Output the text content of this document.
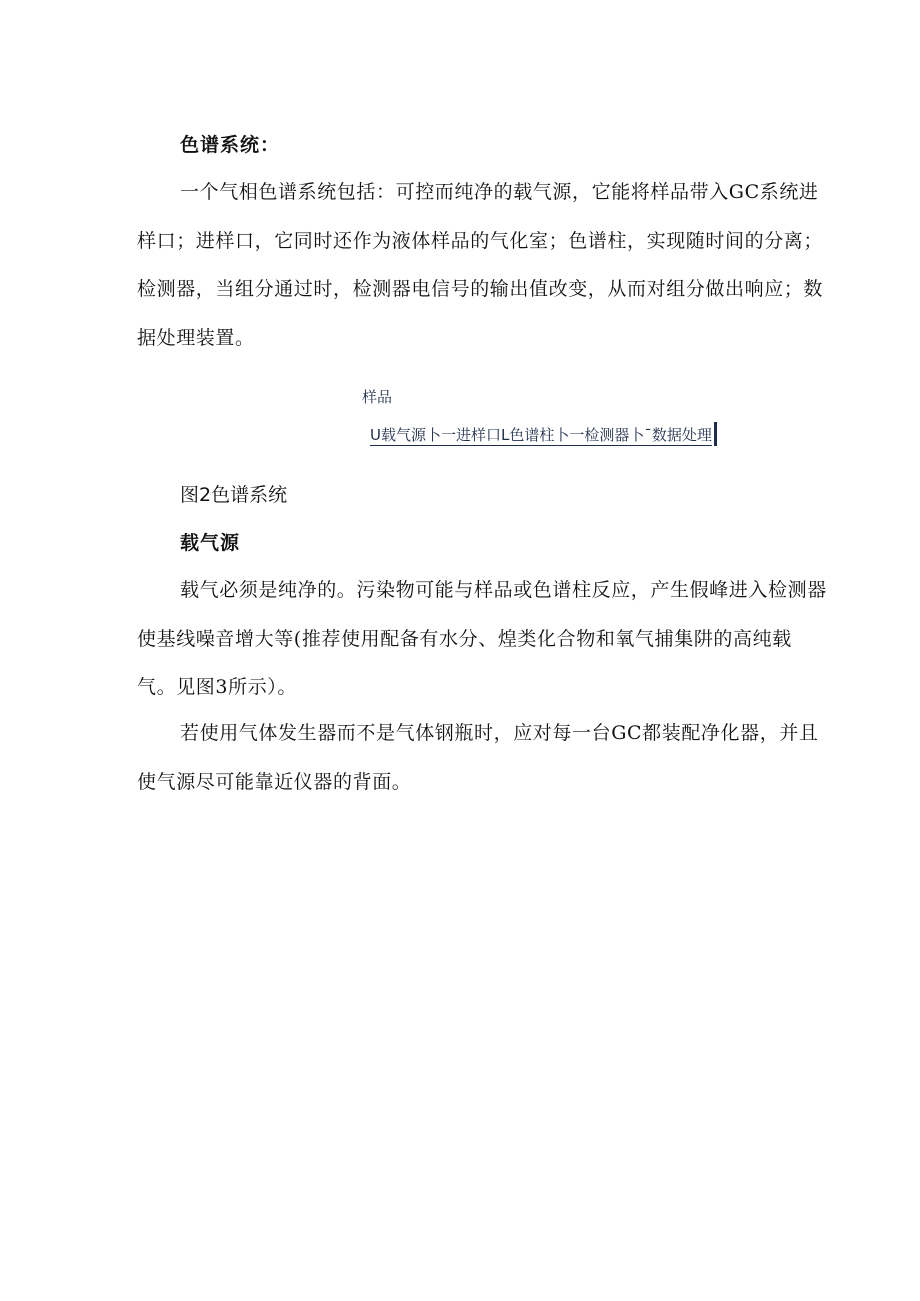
色谱系统：

一个气相色谱系统包括：可控而纯净的载气源，它能将样品带入GC系统进样口；进样口，它同时还作为液体样品的气化室；色谱柱，实现随时间的分离；检测器，当组分通过时，检测器电信号的输出值改变，从而对组分做出响应；数据处理装置。

样品
U载气源卜一进样口L色谱柱卜一检测器卜¯数据处理
图2色谱系统
载气源

载气必须是纯净的。污染物可能与样品或色谱柱反应，产生假峰进入检测器使基线噪音增大等(推荐使用配备有水分、煌类化合物和氧气捕集阱的高纯载气。见图3所示）。

若使用气体发生器而不是气体钢瓶时，应对每一台GC都装配净化器，并且使气源尽可能靠近仪器的背面。
